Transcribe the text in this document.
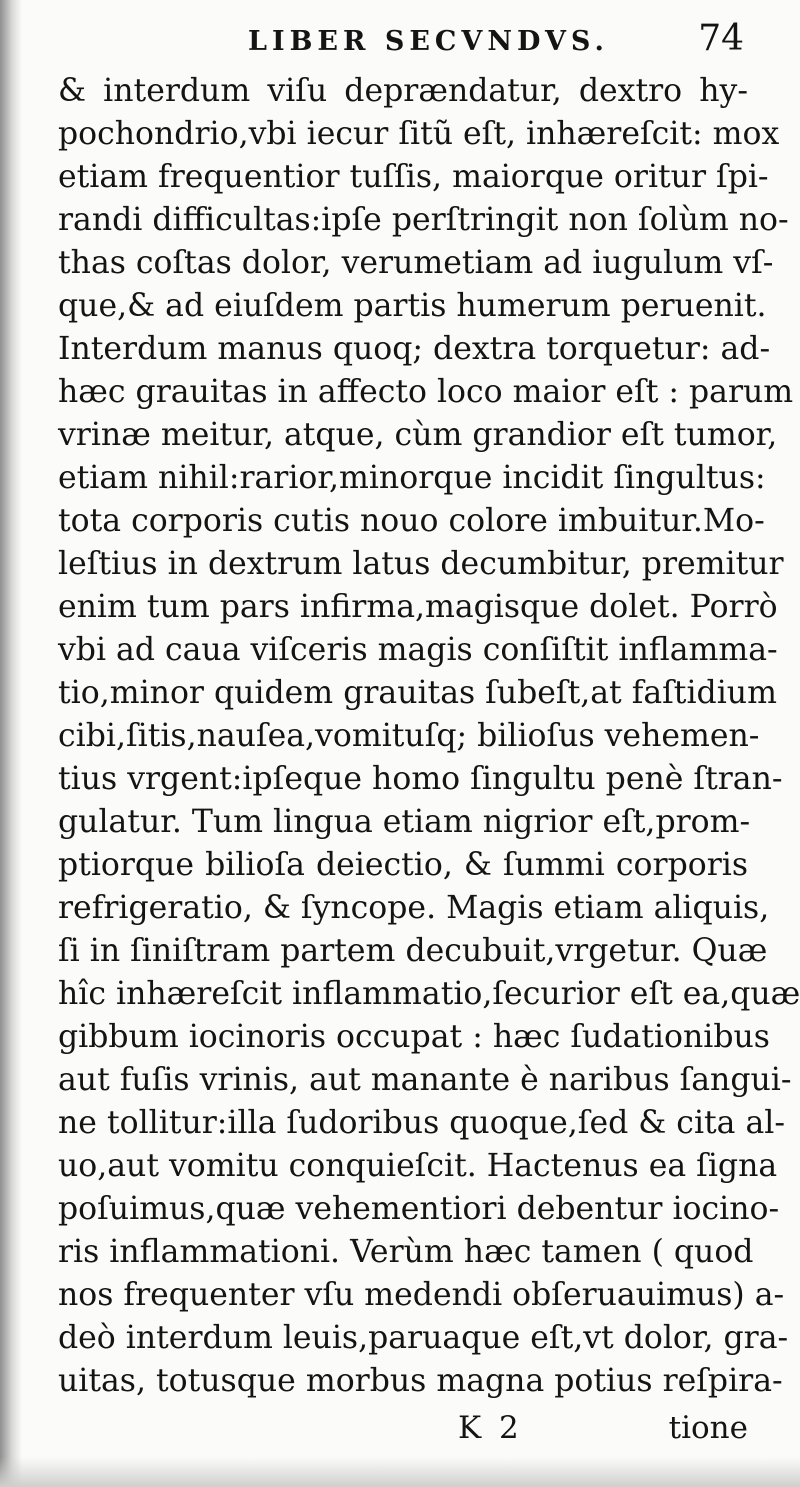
LIBER SECVNDVS. 74
& interdum viſu deprændatur, dextro hy-
pochondrio,vbi iecur ſitũ eſt, inhæreſcit: mox
etiam frequentior tuſſis, maiorque oritur ſpi-
randi difficultas:ipſe perſtringit non ſolùm no-
thas coſtas dolor, verumetiam ad iugulum vſ-
que,& ad eiuſdem partis humerum peruenit.
Interdum manus quoq; dextra torquetur: ad-
hæc grauitas in affecto loco maior eſt : parum
vrinæ meitur, atque, cùm grandior eſt tumor,
etiam nihil:rarior,minorque incidit ſingultus:
tota corporis cutis nouo colore imbuitur.Mo-
leſtius in dextrum latus decumbitur, premitur
enim tum pars infirma,magisque dolet. Porrò
vbi ad caua viſceris magis conſiſtit inflamma-
tio,minor quidem grauitas ſubeſt,at faſtidium
cibi,ſitis,nauſea,vomituſq; bilioſus vehemen-
tius vrgent:ipſeque homo ſingultu penè ſtran-
gulatur. Tum lingua etiam nigrior eſt,prom-
ptiorque bilioſa deiectio, & ſummi corporis
refrigeratio, & ſyncope. Magis etiam aliquis,
ſi in ſiniſtram partem decubuit,vrgetur. Quæ
hîc inhæreſcit inflammatio,ſecurior eſt ea,quæ
gibbum iocinoris occupat : hæc ſudationibus
aut fuſis vrinis, aut manante è naribus ſangui-
ne tollitur:illa ſudoribus quoque,ſed & cita al-
uo,aut vomitu conquieſcit. Hactenus ea ſigna
poſuimus,quæ vehementiori debentur iocino-
ris inflammationi. Verùm hæc tamen ( quod
nos frequenter vſu medendi obſeruauimus) a-
deò interdum leuis,paruaque eſt,vt dolor, gra-
uitas, totusque morbus magna potius reſpira-
K 2	tione
